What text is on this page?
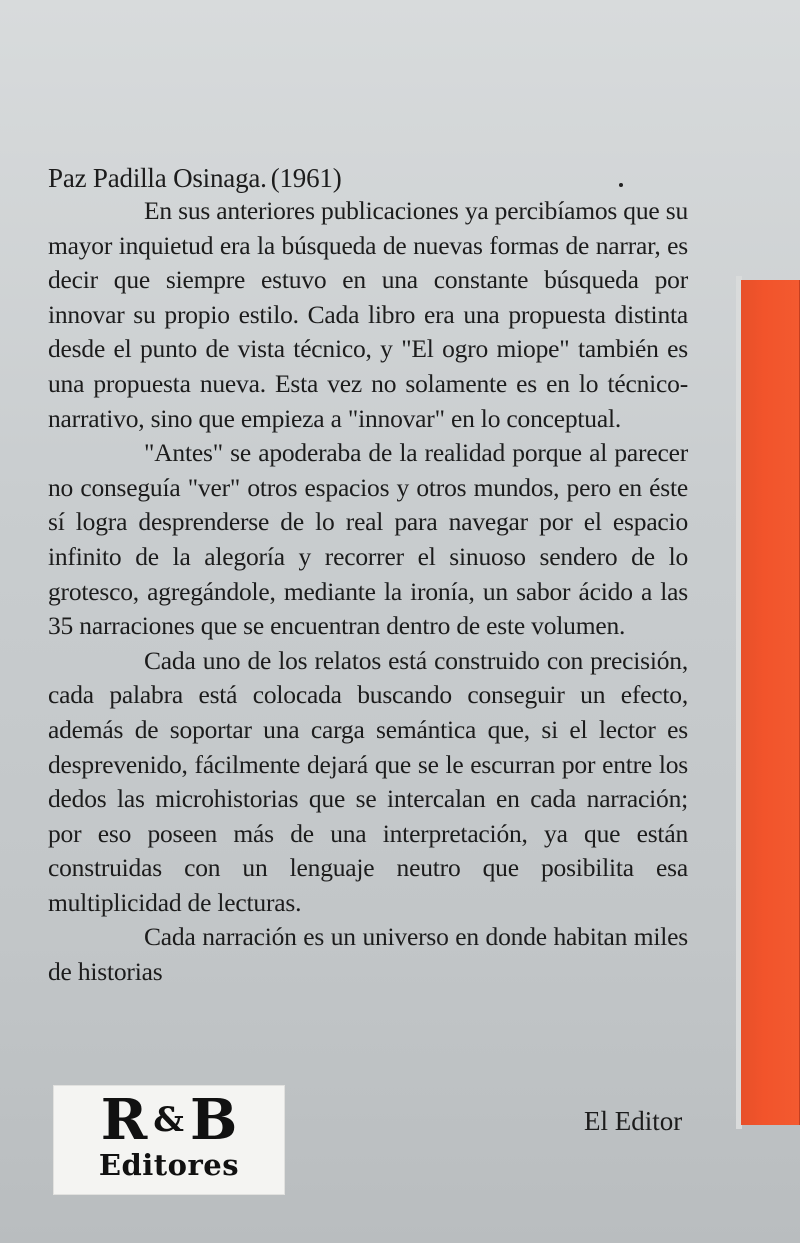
Paz Padilla Osinaga. (1961)

En sus anteriores publicaciones ya percibíamos que su mayor inquietud era la búsqueda de nuevas formas de narrar, es decir que siempre estuvo en una constante búsqueda por innovar su propio estilo. Cada libro era una propuesta distinta desde el punto de vista técnico, y "El ogro miope" también es una propuesta nueva. Esta vez no solamente es en lo técnico-narrativo, sino que empieza a "innovar" en lo conceptual.

"Antes" se apoderaba de la realidad porque al parecer no conseguía "ver" otros espacios y otros mundos, pero en éste sí logra desprenderse de lo real para navegar por el espacio infinito de la alegoría y recorrer el sinuoso sendero de lo grotesco, agregándole, mediante la ironía, un sabor ácido a las 35 narraciones que se encuentran dentro de este volumen.

Cada uno de los relatos está construido con precisión, cada palabra está colocada buscando conseguir un efecto, además de soportar una carga semántica que, si el lector es desprevenido, fácilmente dejará que se le escurran por entre los dedos las microhistorias que se intercalan en cada narración; por eso poseen más de una interpretación, ya que están construidas con un lenguaje neutro que posibilita esa multiplicidad de lecturas.

Cada narración es un universo en donde habitan miles de historias

R & B
Editores
El Editor
